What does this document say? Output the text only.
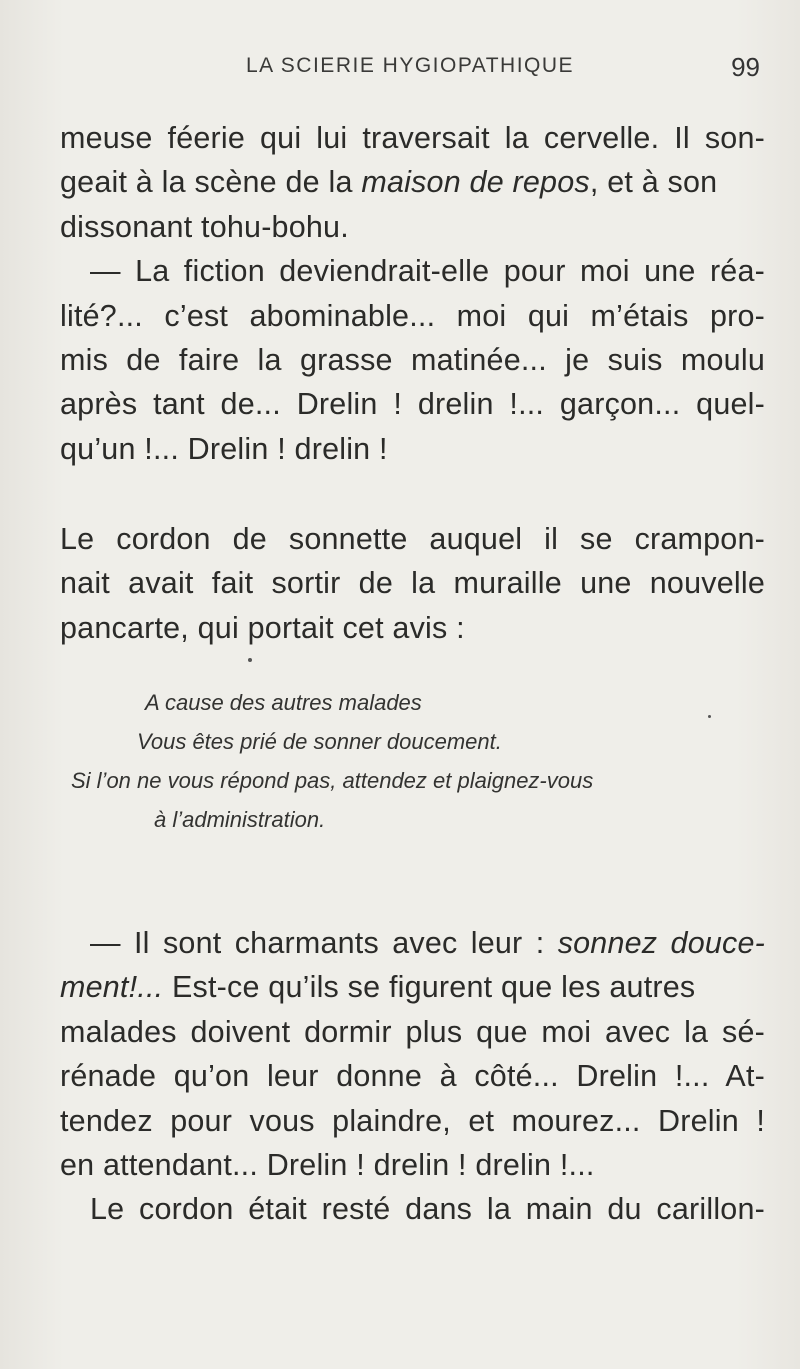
LA SCIERIE HYGIOPATHIQUE	99
meuse féerie qui lui traversait la cervelle. Il son-
geait à la scène de la maison de repos, et à son
dissonant tohu-bohu.
— La fiction deviendrait-elle pour moi une réa-
lité?... c’est abominable... moi qui m’étais pro-
mis de faire la grasse matinée... je suis moulu
après tant de... Drelin ! drelin !... garçon... quel-
qu’un !... Drelin ! drelin !
Le cordon de sonnette auquel il se crampon-
nait avait fait sortir de la muraille une nouvelle
pancarte, qui portait cet avis :
A cause des autres malades
Vous êtes prié de sonner doucement.
Si l’on ne vous répond pas, attendez et plaignez-vous
à l’administration.
— Il sont charmants avec leur : sonnez douce-
ment!... Est-ce qu’ils se figurent que les autres
malades doivent dormir plus que moi avec la sé-
rénade qu’on leur donne à côté... Drelin !... At-
tendez pour vous plaindre, et mourez... Drelin !
en attendant... Drelin ! drelin ! drelin !...
Le cordon était resté dans la main du carillon-
